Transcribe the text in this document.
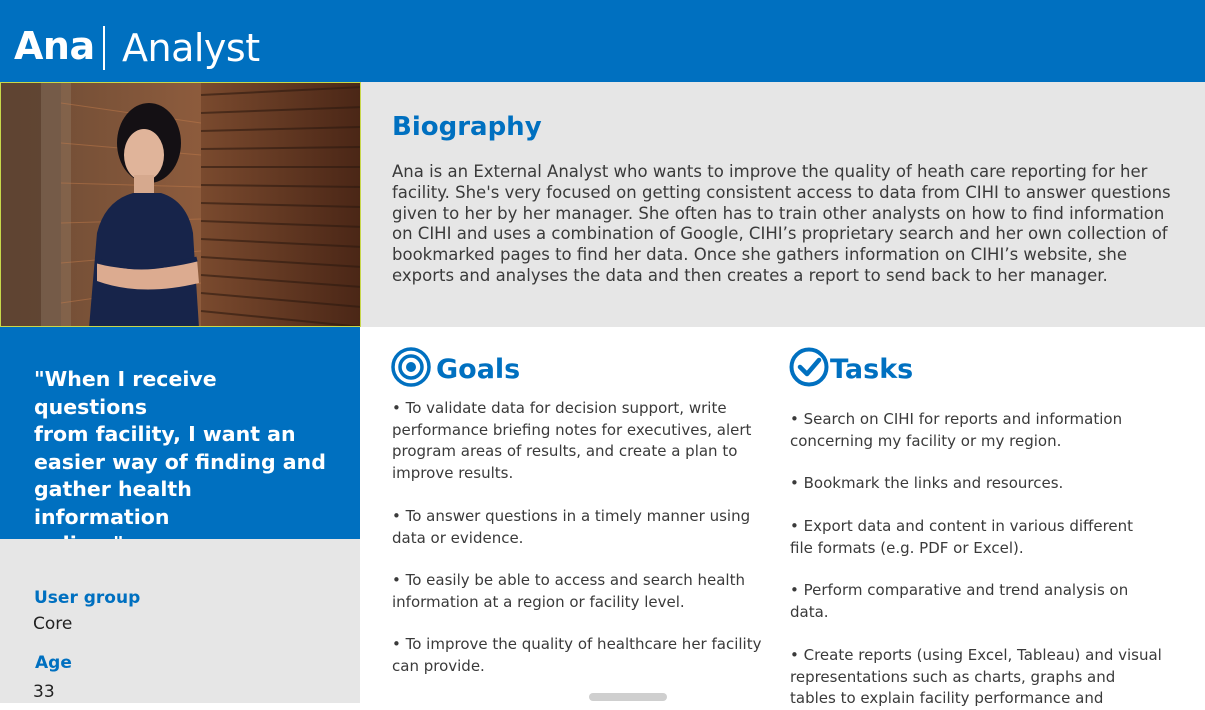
Ana Analyst
Biography
Ana is an External Analyst who wants to improve the quality of heath care reporting for her
facility. She's very focused on getting consistent access to data from CIHI to answer questions
given to her by her manager. She often has to train other analysts on how to find information
on CIHI and uses a combination of Google, CIHI’s proprietary search and her own collection of
bookmarked pages to find her data. Once she gathers information on CIHI’s website, she
exports and analyses the data and then creates a report to send back to her manager.
"When I receive questions
from facility, I want an
easier way of finding and
gather health information
User group
Core
Age
33
Goals
• To validate data for decision support, write
performance briefing notes for executives, alert
program areas of results, and create a plan to
improve results.
• To answer questions in a timely manner using
data or evidence.
• To easily be able to access and search health
information at a region or facility level.
• To improve the quality of healthcare her facility
can provide.
Tasks
• Search on CIHI for reports and information
concerning my facility or my region.
• Bookmark the links and resources.
• Export data and content in various different
file formats (e.g. PDF or Excel).
• Perform comparative and trend analysis on
data.
• Create reports (using Excel, Tableau) and visual
representations such as charts, graphs and
tables to explain facility performance and
